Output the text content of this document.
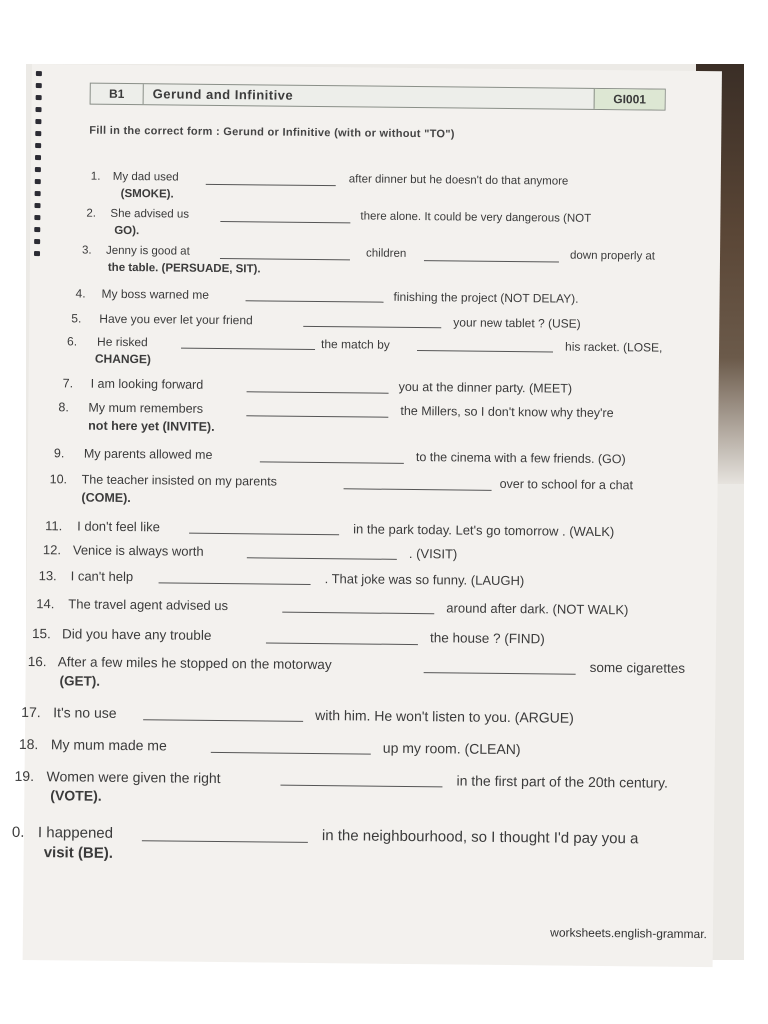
B1	Gerund and Infinitive	GI001
Fill in the correct form : Gerund or Infinitive (with or without "TO")
1. My dad used	after dinner but he doesn't do that anymore
(SMOKE).
2. She advised us	there alone. It could be very dangerous (NOT
GO).
3. Jenny is good at	children	down properly at
the table. (PERSUADE, SIT).
4. My boss warned me	finishing the project (NOT DELAY).
5. Have you ever let your friend	your new tablet ? (USE)
6. He risked	the match by	his racket. (LOSE,
CHANGE)
7. I am looking forward	you at the dinner party. (MEET)
8. My mum remembers	the Millers, so I don't know why they're
not here yet (INVITE).
9. My parents allowed me	to the cinema with a few friends. (GO)
10. The teacher insisted on my parents	over to school for a chat
(COME).
11. I don't feel like	in the park today. Let's go tomorrow . (WALK)
12. Venice is always worth	. (VISIT)
13. I can't help	. That joke was so funny. (LAUGH)
14. The travel agent advised us	around after dark. (NOT WALK)
15. Did you have any trouble	the house ? (FIND)
16. After a few miles he stopped on the motorway	some cigarettes
(GET).
17. It's no use	with him. He won't listen to you. (ARGUE)
18. My mum made me	up my room. (CLEAN)
19. Women were given the right	in the first part of the 20th century.
(VOTE).
0. I happened	in the neighbourhood, so I thought I'd pay you a
visit (BE).
worksheets.english-grammar.
